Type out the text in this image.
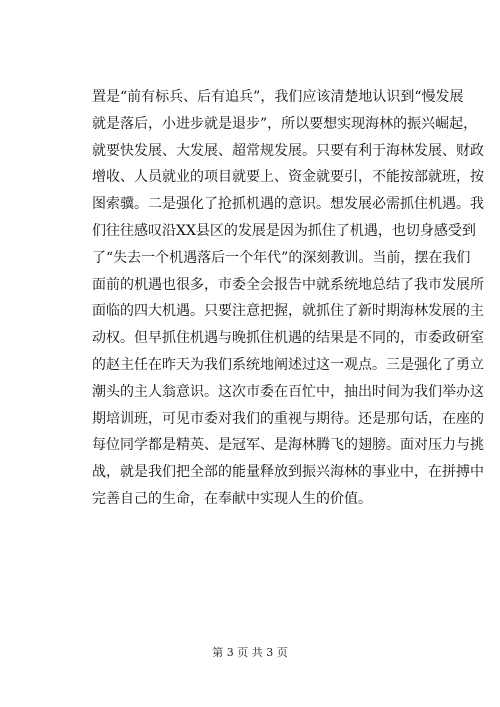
置是“前有标兵、后有追兵”，我们应该清楚地认识到“慢发展
就是落后，小进步就是退步”，所以要想实现海林的振兴崛起，
就要快发展、大发展、超常规发展。只要有利于海林发展、财政
增收、人员就业的项目就要上、资金就要引，不能按部就班，按
图索骥。二是强化了抢抓机遇的意识。想发展必需抓住机遇。我
们往往感叹沿XX县区的发展是因为抓住了机遇，也切身感受到
了“失去一个机遇落后一个年代”的深刻教训。当前，摆在我们
面前的机遇也很多，市委全会报告中就系统地总结了我市发展所
面临的四大机遇。只要注意把握，就抓住了新时期海林发展的主
动权。但早抓住机遇与晚抓住机遇的结果是不同的，市委政研室
的赵主任在昨天为我们系统地阐述过这一观点。三是强化了勇立
潮头的主人翁意识。这次市委在百忙中，抽出时间为我们举办这
期培训班，可见市委对我们的重视与期待。还是那句话，在座的
每位同学都是精英、是冠军、是海林腾飞的翅膀。面对压力与挑
战，就是我们把全部的能量释放到振兴海林的事业中，在拼搏中
完善自己的生命，在奉献中实现人生的价值。
第 3 页 共 3 页
